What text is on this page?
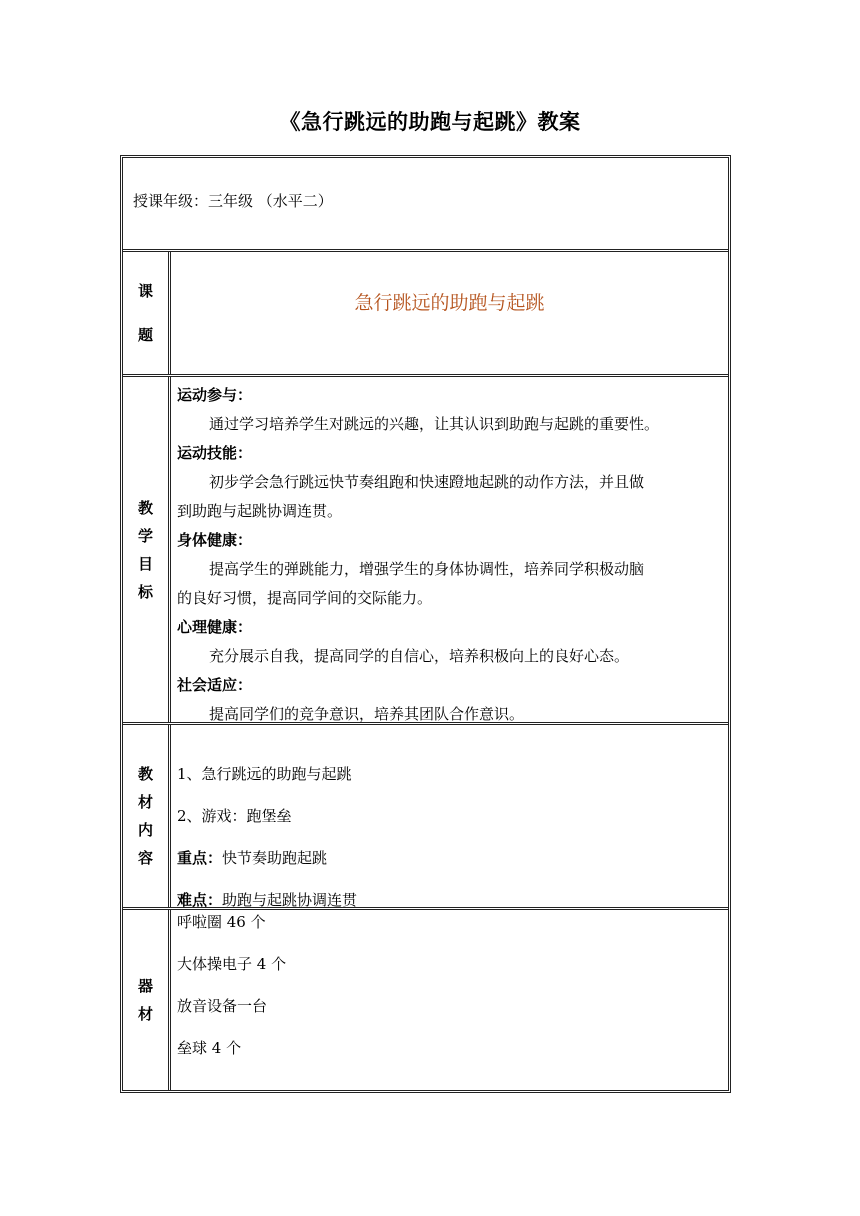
《急行跳远的助跑与起跳》教案
授课年级：三年级 （水平二）
课
题
急行跳远的助跑与起跳
教
学
目
标
运动参与：
通过学习培养学生对跳远的兴趣，让其认识到助跑与起跳的重要性。
运动技能：
初步学会急行跳远快节奏组跑和快速蹬地起跳的动作方法，并且做
到助跑与起跳协调连贯。
身体健康：
提高学生的弹跳能力，增强学生的身体协调性，培养同学积极动脑
的良好习惯，提高同学间的交际能力。
心理健康：
充分展示自我，提高同学的自信心，培养积极向上的良好心态。
社会适应：
提高同学们的竞争意识，培养其团队合作意识。
教
材
内
容
1、急行跳远的助跑与起跳
2、游戏：跑堡垒
重点：快节奏助跑起跳
难点：助跑与起跳协调连贯
器
材
呼啦圈 46 个
大体操电子 4 个
放音设备一台
垒球 4 个
